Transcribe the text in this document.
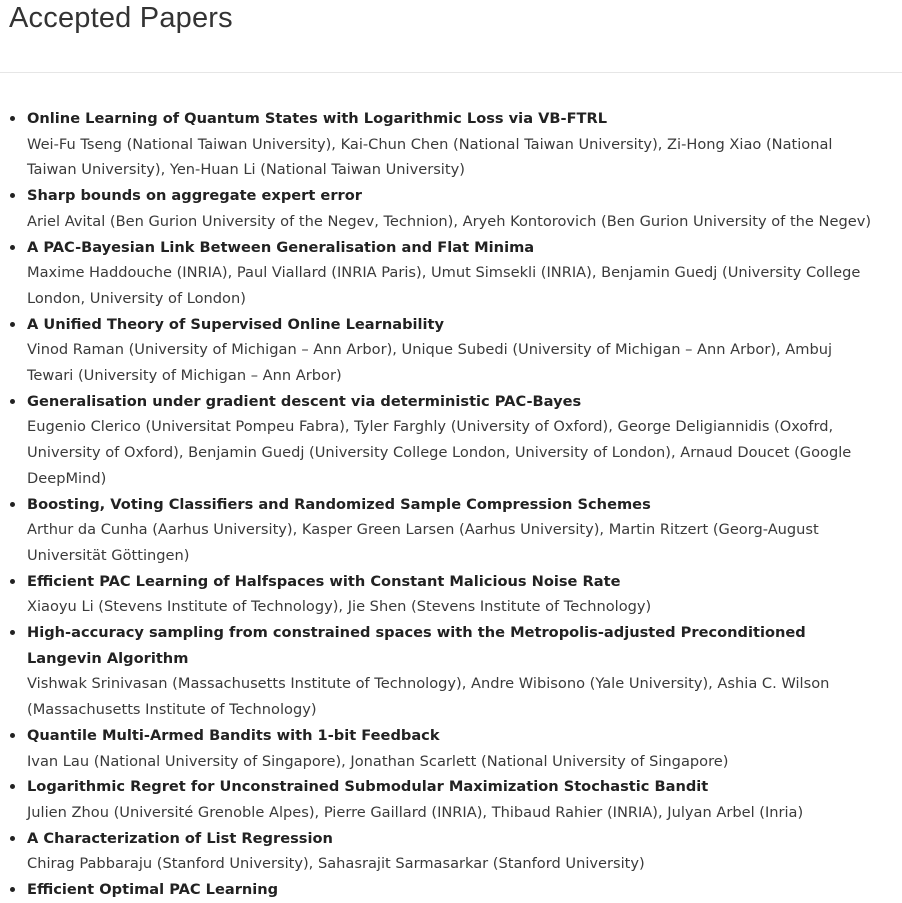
Accepted Papers
Online Learning of Quantum States with Logarithmic Loss via VB-FTRL
Wei-Fu Tseng (National Taiwan University), Kai-Chun Chen (National Taiwan University), Zi-Hong Xiao (National Taiwan University), Yen-Huan Li (National Taiwan University)
Sharp bounds on aggregate expert error
Ariel Avital (Ben Gurion University of the Negev, Technion), Aryeh Kontorovich (Ben Gurion University of the Negev)
A PAC-Bayesian Link Between Generalisation and Flat Minima
Maxime Haddouche (INRIA), Paul Viallard (INRIA Paris), Umut Simsekli (INRIA), Benjamin Guedj (University College London, University of London)
A Unified Theory of Supervised Online Learnability
Vinod Raman (University of Michigan – Ann Arbor), Unique Subedi (University of Michigan – Ann Arbor), Ambuj Tewari (University of Michigan – Ann Arbor)
Generalisation under gradient descent via deterministic PAC-Bayes
Eugenio Clerico (Universitat Pompeu Fabra), Tyler Farghly (University of Oxford), George Deligiannidis (Oxofrd, University of Oxford), Benjamin Guedj (University College London, University of London), Arnaud Doucet (Google DeepMind)
Boosting, Voting Classifiers and Randomized Sample Compression Schemes
Arthur da Cunha (Aarhus University), Kasper Green Larsen (Aarhus University), Martin Ritzert (Georg-August Universität Göttingen)
Efficient PAC Learning of Halfspaces with Constant Malicious Noise Rate
Xiaoyu Li (Stevens Institute of Technology), Jie Shen (Stevens Institute of Technology)
High-accuracy sampling from constrained spaces with the Metropolis-adjusted Preconditioned Langevin Algorithm
Vishwak Srinivasan (Massachusetts Institute of Technology), Andre Wibisono (Yale University), Ashia C. Wilson (Massachusetts Institute of Technology)
Quantile Multi-Armed Bandits with 1-bit Feedback
Ivan Lau (National University of Singapore), Jonathan Scarlett (National University of Singapore)
Logarithmic Regret for Unconstrained Submodular Maximization Stochastic Bandit
Julien Zhou (Université Grenoble Alpes), Pierre Gaillard (INRIA), Thibaud Rahier (INRIA), Julyan Arbel (Inria)
A Characterization of List Regression
Chirag Pabbaraju (Stanford University), Sahasrajit Sarmasarkar (Stanford University)
Efficient Optimal PAC Learning
